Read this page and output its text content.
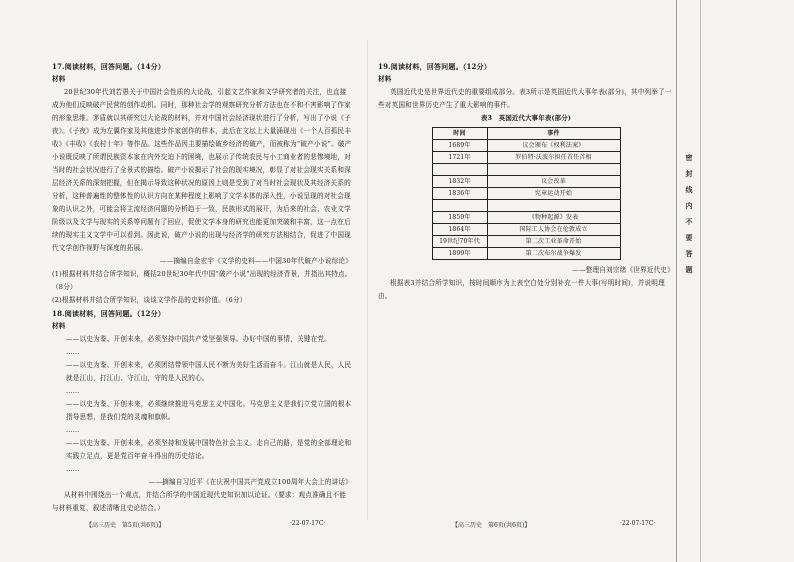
17.阅读材料，回答问题。（14分）

材料

20世纪30年代刘若愚关于中国社会性质的大论战，引起文艺作家和文学研究者的关注，也直接成为他们反映破产民营的创作动机。同时，那种社会学的观察研究分析方法也在不和不害影响了作家的形象思维。茅盾就以其研究过大论战的材料，并对中国社会经济现状进行了分析，写出了小说《子夜》。《子夜》成为左翼作家及其他进步作家创作的样本，此后在文坛上大量涌现出《一个人百孤民丰收》《丰收》《农村十年》等作品。这些作品因主要描绘破乡经济的破产，而被称为“破产小说”。破产小说既反映了所谓民族资本家在内外交迫下的困境，也展示了传统农民与小工商业者的悲惨境地，对当时的社会状况进行了全景式的描绘。破产小说揭示了社会的现实境况，彰显了对社会现实关系和深层经济关系的深刻把握，但在揭示导致这种状况的原因上则是受到了对当时社会现状及其经济关系的分析，这种普遍性的整体性的认识方向在某种程度上影响了文学本体的深入性，小说呈现的对社会现象的认识之外，可能会将主流经济问题的分析趋于一致，民族形式的展开，为后来的社会、农业文学阶级以及文学与现实的关系等问题有了回应，促使文学本身的研究也能更加突破和丰富，这一点在后续的现实主义文学中可以看到。因此说，破产小说的出现与经济学的研究方法相结合，促进了中国现代文学创作视野与深度的拓展。

——摘编自金宏宇《文学的史料——中国30年代破产小说综论》

(1)根据材料并结合所学知识，概括20世纪30年代中国“破产小说”出现的经济背景，并指出其特点。（8分）

(2)根据材料并结合所学知识，谈谈文学作品的史料价值。（6分）

18.阅读材料，回答问题。（12分）

材料

——以史为鉴、开创未来，必须坚持中国共产党坚强领导。办好中国的事情，关键在党。

……

——以史为鉴、开创未来，必须团结带领中国人民不断为美好生活而奋斗。江山就是人民，人民就是江山，打江山、守江山，守的是人民的心。

……

——以史为鉴、开创未来，必须继续推进马克思主义中国化。马克思主义是我们立党立国的根本指导思想，是我们党的灵魂和旗帜。

……

——以史为鉴、开创未来，必须坚持和发展中国特色社会主义。走自己的路，是党的全部理论和实践立足点，更是党百年奋斗得出的历史结论。

……

——摘编自习近平《在庆祝中国共产党成立100周年大会上的讲话》

从材料中围绕出一个观点，并结合所学的中国近现代史知识加以论证。（要求：观点准确且不能与材料重复，叙述清晰且史论结合。）

19.阅读材料，回答问题。（12分）

材料

英国近代史是世界近代史的重要组成部分。表3所示是英国近代大事年表(部分)，其中列举了一些对英国和世界历史产生了重大影响的事件。

表3　英国近代大事年表(部分)

时间	事件
1689年	议会颁布《权利法案》
1721年	罗伯特·沃波尔担任首任首相

1832年	议会改革
1836年	宪章运动开始

1859年	《物种起源》发表
1864年	国际工人协会在伦敦成立
19世纪70年代	第二次工业革命开始
1899年	第二次布尔战争爆发

——整理自刘宗绪《世界近代史》

根据表3并结合所学知识，按时间顺序为上表空白处分别补充一件大事(写明时间)，并说明理由。

【高三历史　第5页(共6页)】	·22-07-17C·	【高三历史　第6页(共6页)】	·22-07-17C·
密
封
线
内
不
要
答
题
